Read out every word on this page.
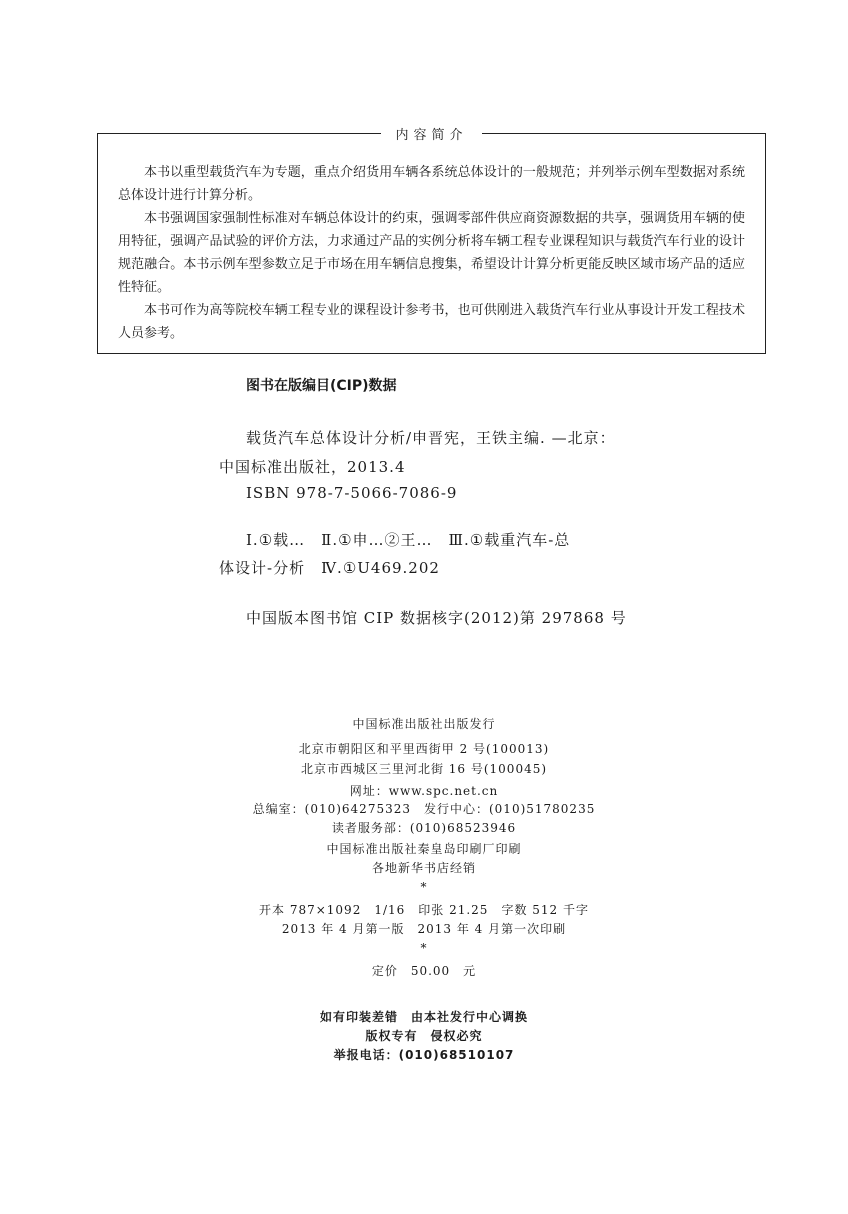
内容简介

本书以重型载货汽车为专题，重点介绍货用车辆各系统总体设计的一般规范；并列举示例车型数据对系统总体设计进行计算分析。

本书强调国家强制性标准对车辆总体设计的约束，强调零部件供应商资源数据的共享，强调货用车辆的使用特征，强调产品试验的评价方法，力求通过产品的实例分析将车辆工程专业课程知识与载货汽车行业的设计规范融合。本书示例车型参数立足于市场在用车辆信息搜集，希望设计计算分析更能反映区域市场产品的适应性特征。

本书可作为高等院校车辆工程专业的课程设计参考书，也可供刚进入载货汽车行业从事设计开发工程技术人员参考。

图书在版编目(CIP)数据
载货汽车总体设计分析/申晋宪，王铁主编. —北京：
中国标准出版社，2013.4
ISBN 978-7-5066-7086-9
Ⅰ.①载…　Ⅱ.①申…②王…　Ⅲ.①载重汽车-总
体设计-分析　Ⅳ.①U469.202
中国版本图书馆 CIP 数据核字(2012)第 297868 号
中国标准出版社出版发行
北京市朝阳区和平里西街甲 2 号(100013)
北京市西城区三里河北街 16 号(100045)
网址：www.spc.net.cn
总编室：(010)64275323　发行中心：(010)51780235
读者服务部：(010)68523946
中国标准出版社秦皇岛印刷厂印刷
各地新华书店经销
*
开本 787×1092　1/16　印张 21.25　字数 512 千字
2013 年 4 月第一版　2013 年 4 月第一次印刷
*
定价　50.00　元
如有印装差错　由本社发行中心调换
版权专有　侵权必究
举报电话：(010)68510107
